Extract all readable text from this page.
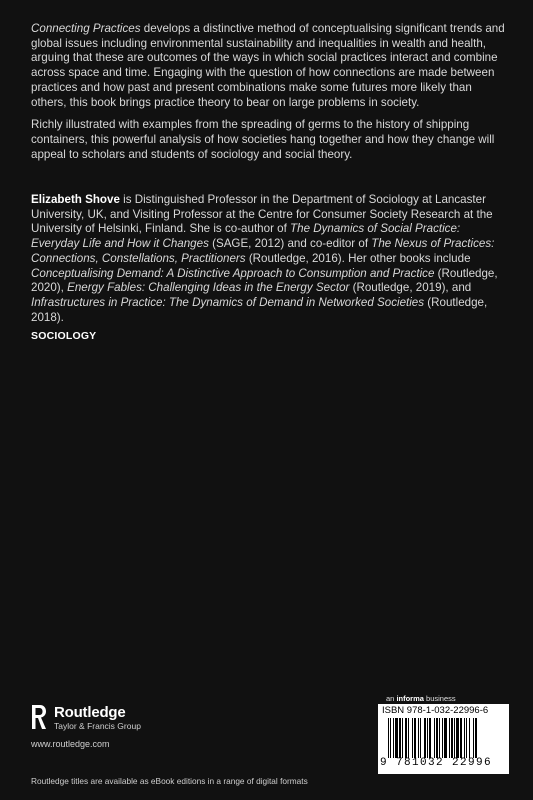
Connecting Practices develops a distinctive method of conceptualising significant trends and global issues including environmental sustainability and inequalities in wealth and health, arguing that these are outcomes of the ways in which social practices interact and combine across space and time. Engaging with the question of how connections are made between practices and how past and present combinations make some futures more likely than others, this book brings practice theory to bear on large problems in society.

Richly illustrated with examples from the spreading of germs to the history of shipping containers, this powerful analysis of how societies hang together and how they change will appeal to scholars and students of sociology and social theory.

Elizabeth Shove is Distinguished Professor in the Department of Sociology at Lancaster University, UK, and Visiting Professor at the Centre for Consumer Society Research at the University of Helsinki, Finland. She is co-author of The Dynamics of Social Practice: Everyday Life and How it Changes (SAGE, 2012) and co-editor of The Nexus of Practices: Connections, Constellations, Practitioners (Routledge, 2016). Her other books include Conceptualising Demand: A Distinctive Approach to Consumption and Practice (Routledge, 2020), Energy Fables: Challenging Ideas in the Energy Sector (Routledge, 2019), and Infrastructures in Practice: The Dynamics of Demand in Networked Societies (Routledge, 2018).
SOCIOLOGY
Routledge
Taylor & Francis Group
www.routledge.com
Routledge titles are available as eBook editions in a range of digital formats
an informa business
ISBN 978-1-032-22996-6
9 781032 22996
